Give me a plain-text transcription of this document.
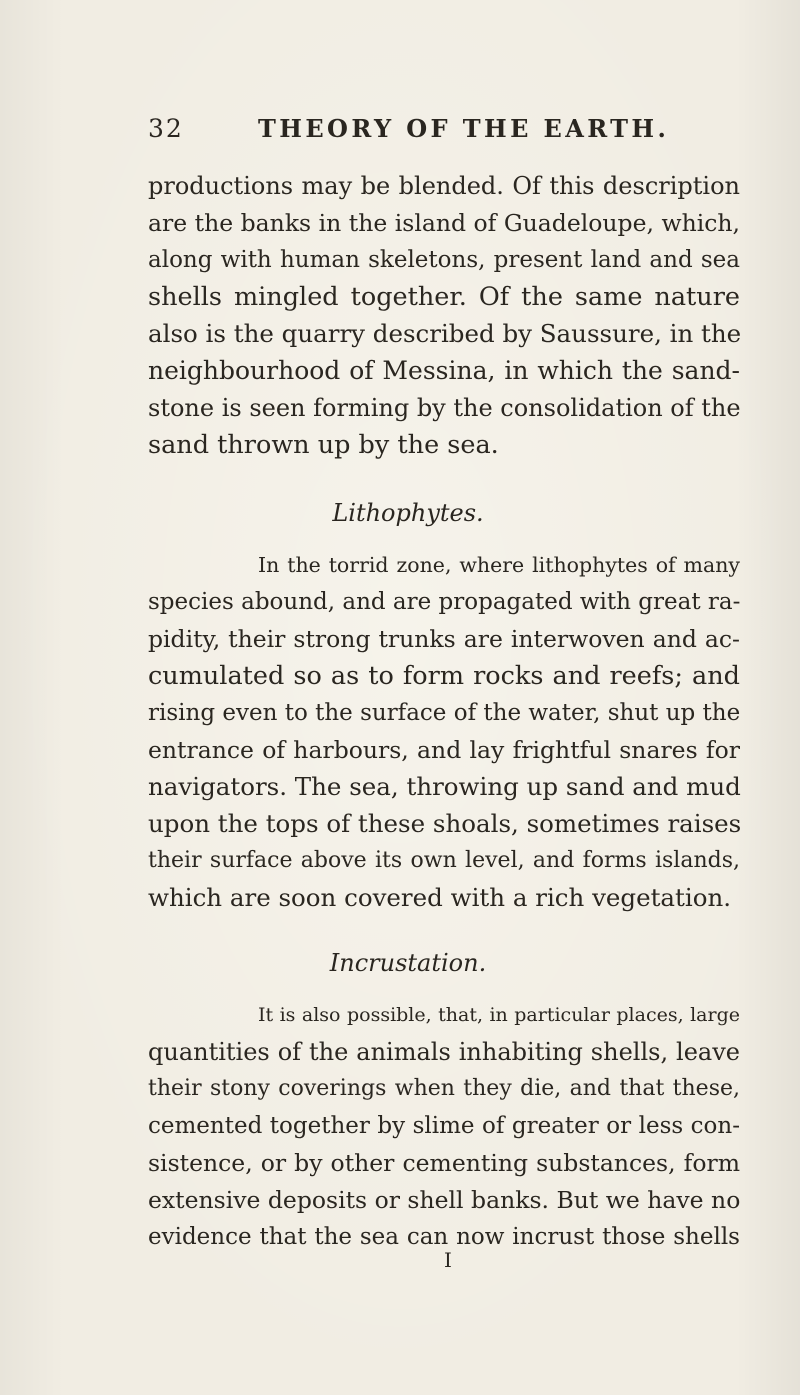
32	THEORY OF THE EARTH.
productions may be blended. Of this description
are the banks in the island of Guadeloupe, which,
along with human skeletons, present land and sea
shells mingled together. Of the same nature
also is the quarry described by Saussure, in the
neighbourhood of Messina, in which the sand-
stone is seen forming by the consolidation of the
sand thrown up by the sea.
Lithophytes.
In the torrid zone, where lithophytes of many
species abound, and are propagated with great ra-
pidity, their strong trunks are interwoven and ac-
cumulated so as to form rocks and reefs; and
rising even to the surface of the water, shut up the
entrance of harbours, and lay frightful snares for
navigators. The sea, throwing up sand and mud
upon the tops of these shoals, sometimes raises
their surface above its own level, and forms islands,
which are soon covered with a rich vegetation.
Incrustation.
It is also possible, that, in particular places, large
quantities of the animals inhabiting shells, leave
their stony coverings when they die, and that these,
cemented together by slime of greater or less con-
sistence, or by other cementing substances, form
extensive deposits or shell banks. But we have no
evidence that the sea can now incrust those shells
I
